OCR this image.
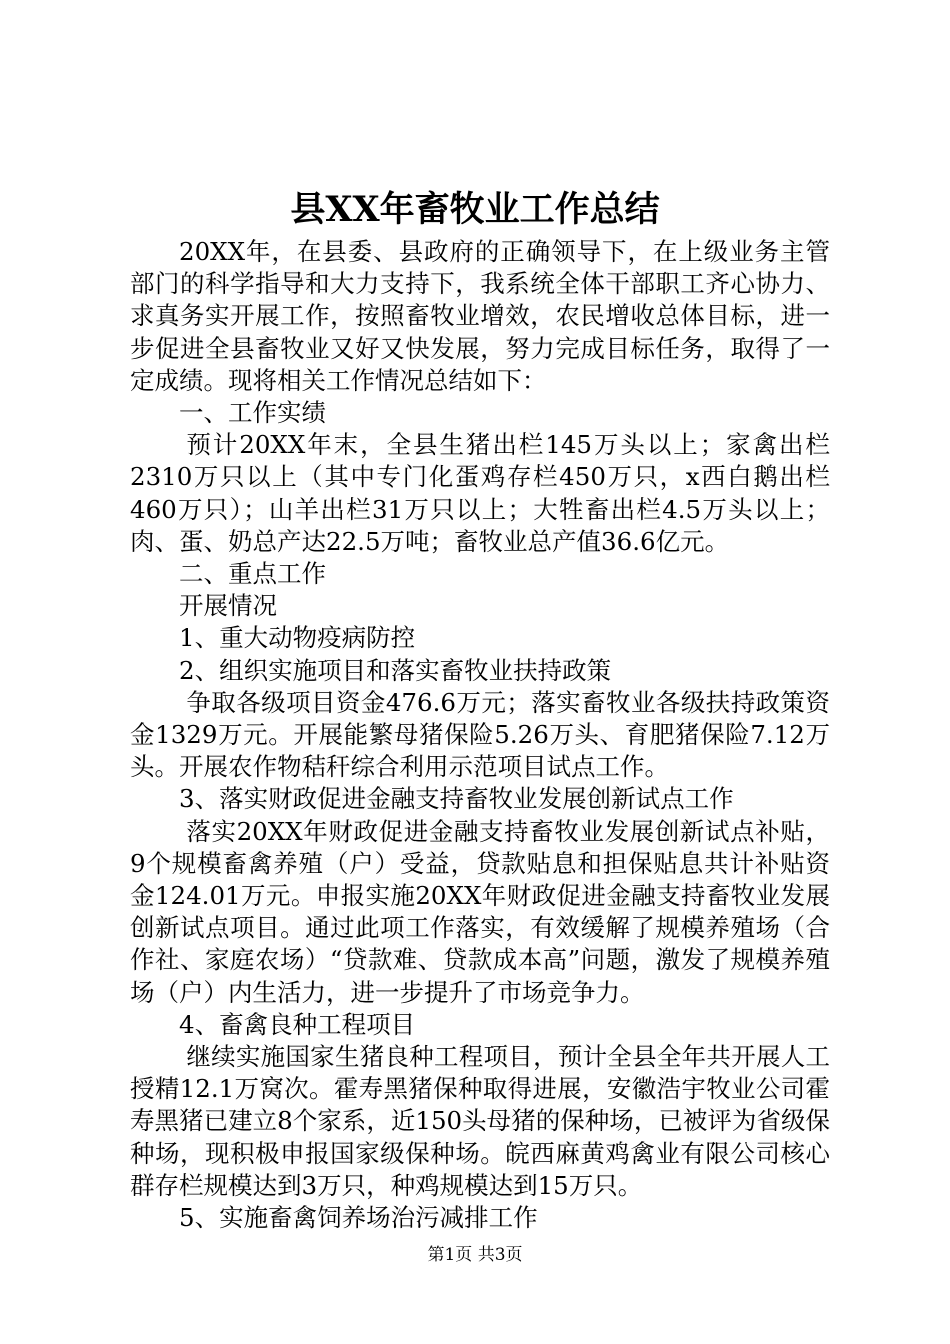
县XX年畜牧业工作总结

20XX年，在县委、县政府的正确领导下，在上级业务主管部门的科学指导和大力支持下，我系统全体干部职工齐心协力、求真务实开展工作，按照畜牧业增效，农民增收总体目标，进一步促进全县畜牧业又好又快发展，努力完成目标任务，取得了一定成绩。现将相关工作情况总结如下：

一、工作实绩

预计20XX年末，全县生猪出栏145万头以上；家禽出栏2310万只以上（其中专门化蛋鸡存栏450万只，x西白鹅出栏460万只）；山羊出栏31万只以上；大牲畜出栏4.5万头以上；肉、蛋、奶总产达22.5万吨；畜牧业总产值36.6亿元。

二、重点工作

开展情况

1、重大动物疫病防控

2、组织实施项目和落实畜牧业扶持政策

争取各级项目资金476.6万元；落实畜牧业各级扶持政策资金1329万元。开展能繁母猪保险5.26万头、育肥猪保险7.12万头。开展农作物秸秆综合利用示范项目试点工作。

3、落实财政促进金融支持畜牧业发展创新试点工作

落实20XX年财政促进金融支持畜牧业发展创新试点补贴，9个规模畜禽养殖（户）受益，贷款贴息和担保贴息共计补贴资金124.01万元。申报实施20XX年财政促进金融支持畜牧业发展创新试点项目。通过此项工作落实，有效缓解了规模养殖场（合作社、家庭农场）“贷款难、贷款成本高”问题，激发了规模养殖场（户）内生活力，进一步提升了市场竞争力。

4、畜禽良种工程项目

继续实施国家生猪良种工程项目，预计全县全年共开展人工授精12.1万窝次。霍寿黑猪保种取得进展，安徽浩宇牧业公司霍寿黑猪已建立8个家系，近150头母猪的保种场，已被评为省级保种场，现积极申报国家级保种场。皖西麻黄鸡禽业有限公司核心群存栏规模达到3万只，种鸡规模达到15万只。

5、实施畜禽饲养场治污减排工作

第1页 共3页
